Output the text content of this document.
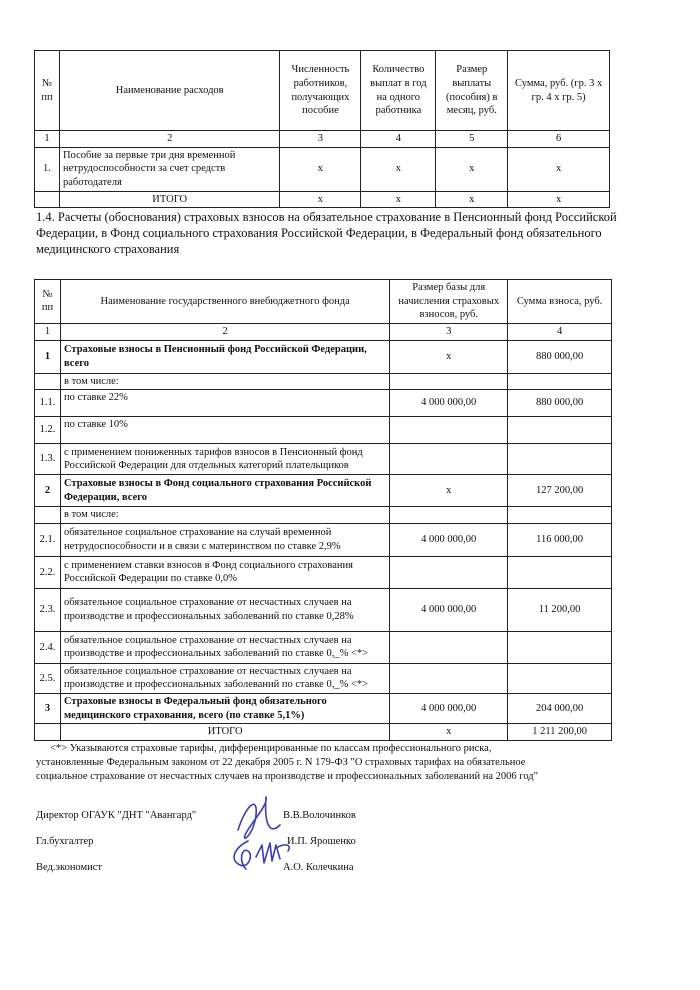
№ пп	Наименование расходов	Численность работников, получающих пособие	Количество выплат в год на одного работника	Размер выплаты (пособия) в месяц, руб.	Сумма, руб. (гр. 3 х гр. 4 х гр. 5)
1	2	3	4	5	6
1.	Пособие за первые три дня временной нетрудоспособности за счет средств работодателя	х	х	х	х
	ИТОГО	х	х	х	х
1.4. Расчеты (обоснования) страховых взносов на обязательное страхование в Пенсионный фонд Российской Федерации, в Фонд социального страхования Российской Федерации, в Федеральный фонд обязательного медицинского страхования
№ пп	Наименование государственного внебюджетного фонда	Размер базы для начисления страховых взносов, руб.	Сумма взноса, руб.
1	2	3	4
1	Страховые взносы в Пенсионный фонд Российской Федерации, всего	х	880 000,00
	в том числе:		
1.1.	по ставке 22%	4 000 000,00	880 000,00
1.2.	по ставке 10%		
1.3.	с применением пониженных тарифов взносов в Пенсионный фонд Российской Федерации для отдельных категорий плательщиков		
2	Страховые взносы в Фонд социального страхования Российской Федерации, всего	х	127 200,00
	в том числе:		
2.1.	обязательное социальное страхование на случай временной нетрудоспособности и в связи с материнством по ставке 2,9%	4 000 000,00	116 000,00
2.2.	с применением ставки взносов в Фонд социального страхования Российской Федерации по ставке 0,0%		
2.3.	обязательное социальное страхование от несчастных случаев на производстве и профессиональных заболеваний по ставке 0,28%	4 000 000,00	11 200,00
2.4.	обязательное социальное страхование от несчастных случаев на производстве и профессиональных заболеваний по ставке 0,_% <*>		
2.5.	обязательное социальное страхование от несчастных случаев на производстве и профессиональных заболеваний по ставке 0,_% <*>		
3	Страховые взносы в Федеральный фонд обязательного медицинского страхования, всего (по ставке 5,1%)	4 000 000,00	204 000,00
	ИТОГО	х	1 211 200,00
<*> Указываются страховые тарифы, дифференцированные по классам профессионального риска,
установленные Федеральным законом от 22 декабря 2005 г. N 179-ФЗ "О страховых тарифах на обязательное
социальное страхование от несчастных случаев на производстве и профессиональных заболеваний на 2006 год"
Директор ОГАУК "ДНТ "Авангард"	В.В.Волочинков
Гл.бухгалтер	И.П. Ярошенко
Вед.экономист	А.О. Колечкина
